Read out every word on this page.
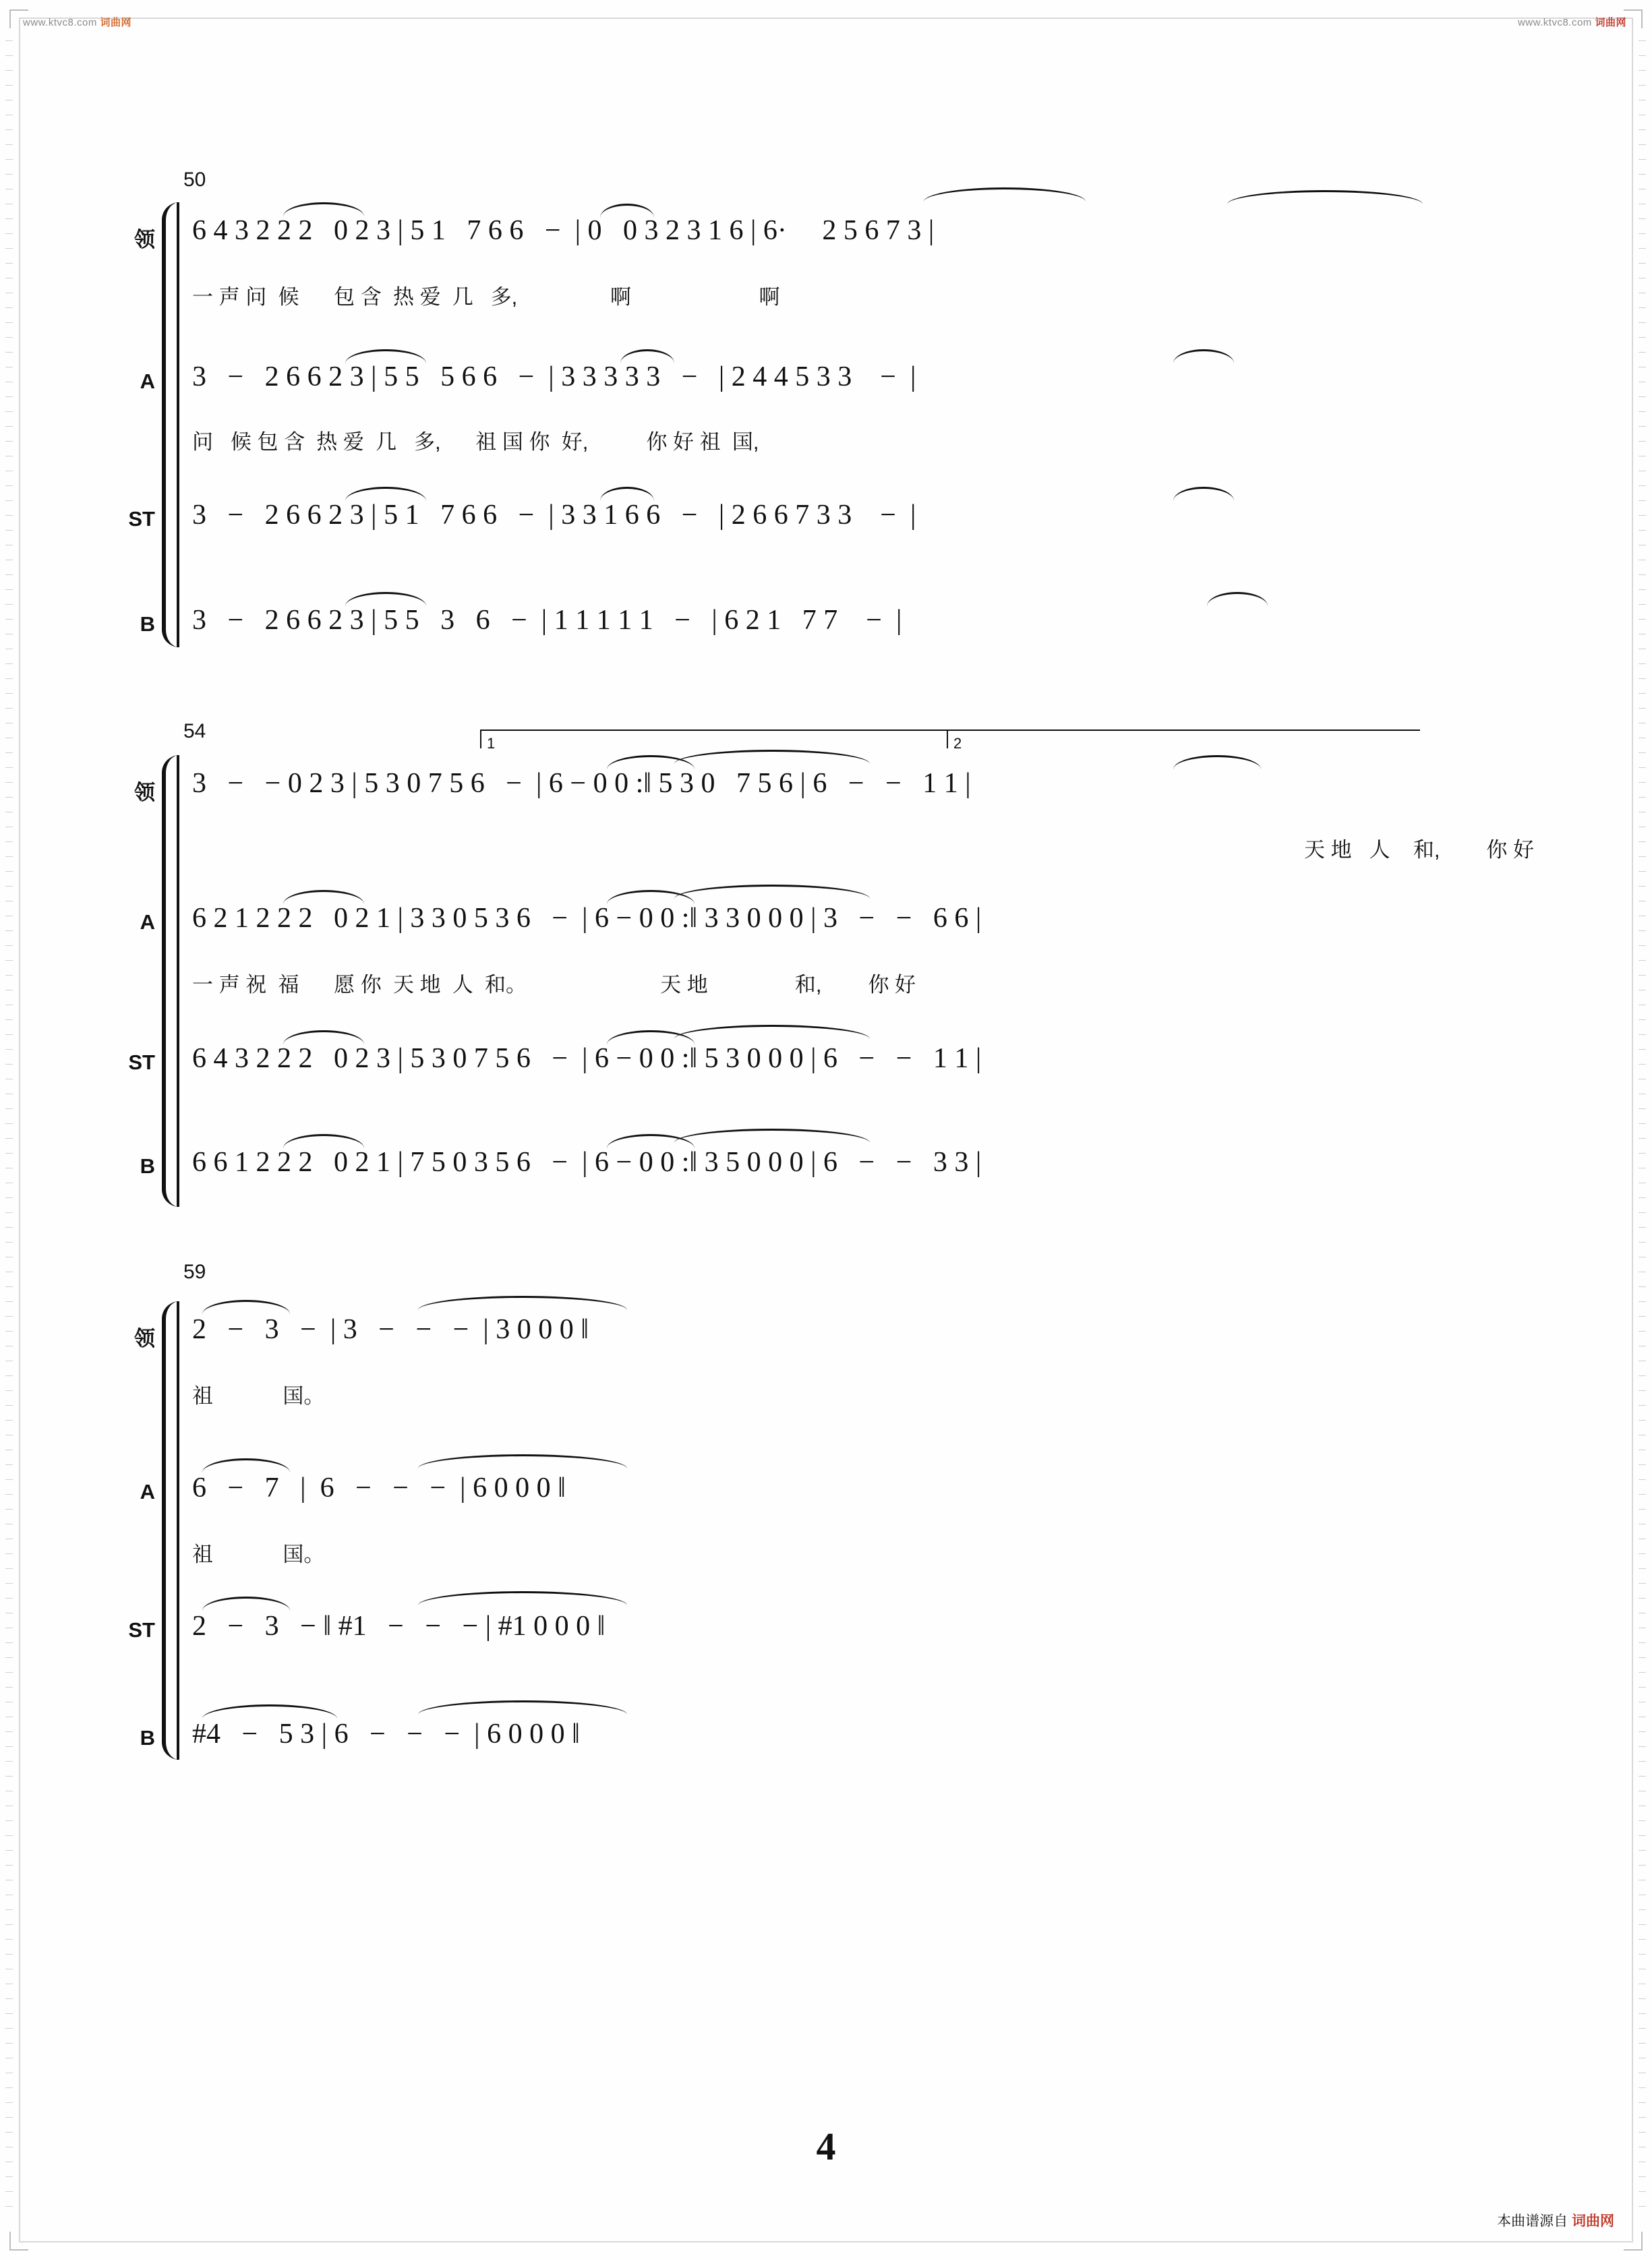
www.ktvc8.com 词曲网	www.ktvc8.com 词曲网
50
领 6 4 3 2 2 2   0 2 3 | 5 1   7 6 6   −  | 0   0 3 2 3 1 6 | 6·     2 5 6 7 3 |
一 声 问  候      包 含  热 爱  几   多,                啊                      啊
A 3   −   2 6 6 2 3 | 5 5   5 6 6   −  | 3 3 3 3 3   −   | 2 4 4 5 3 3    −  |
问   候 包 含  热 爱  几   多,      祖 国 你  好,          你 好 祖  国,
ST 3   −   2 6 6 2 3 | 5 1   7 6 6   −  | 3 3 1 6 6   −   | 2 6 6 7 3 3    −  |
B 3   −   2 6 6 2 3 | 5 5   3   6   −  | 1 1 1 1 1   −   | 6 2 1   7 7    −  |
54
1	2
领 3   −   − 0 2 3 | 5 3 0 7 5 6   −  | 6 − 0 0 :‖ 5 3 0   7 5 6 | 6   −   −   1 1 |
天 地   人    和,        你 好
A 6 2 1 2 2 2   0 2 1 | 3 3 0 5 3 6   −  | 6 − 0 0 :‖ 3 3 0 0 0 | 3   −   −   6 6 |
一 声 祝  福      愿 你  天 地  人  和。                       天 地               和,        你 好
ST 6 4 3 2 2 2   0 2 3 | 5 3 0 7 5 6   −  | 6 − 0 0 :‖ 5 3 0 0 0 | 6   −   −   1 1 |
B 6 6 1 2 2 2   0 2 1 | 7 5 0 3 5 6   −  | 6 − 0 0 :‖ 3 5 0 0 0 | 6   −   −   3 3 |
59
领 2   −   3   −  | 3   −   −   −  | 3 0 0 0 ‖
祖            国。
A 6   −   7   |  6   −   −   −  | 6 0 0 0 ‖
祖            国。
ST 2   −   3   − ‖ #1   −   −   − | #1 0 0 0 ‖
B #4   −   5 3 | 6   −   −   −  | 6 0 0 0 ‖
4
本曲谱源自 词曲网
